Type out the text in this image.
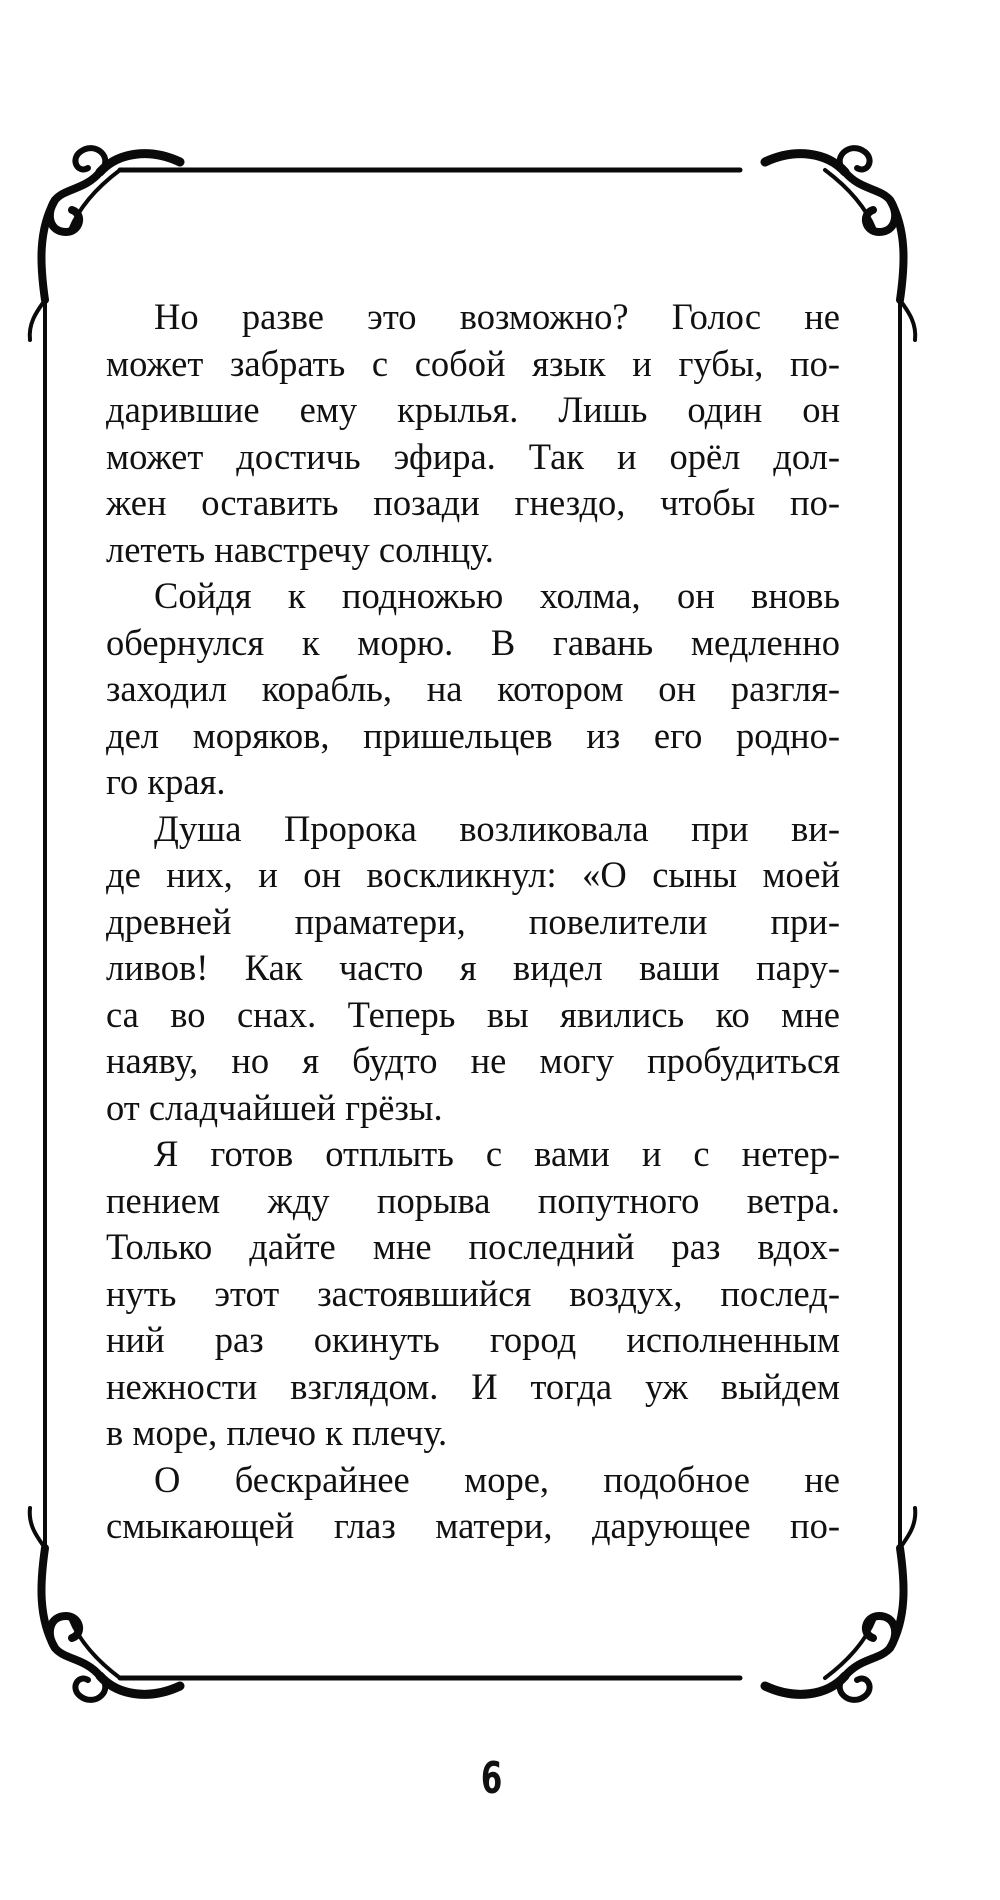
Но разве это возможно? Голос не
может забрать с собой язык и губы, по-
дарившие ему крылья. Лишь один он
может достичь эфира. Так и орёл дол-
жен оставить позади гнездо, чтобы по-
лететь навстречу солнцу.

Сойдя к подножью холма, он вновь
обернулся к морю. В гавань медленно
заходил корабль, на котором он разгля-
дел моряков, пришельцев из его родно-
го края.

Душа Пророка возликовала при ви-
де них, и он воскликнул: «О сыны моей
древней праматери, повелители при-
ливов! Как часто я видел ваши пару-
са во снах. Теперь вы явились ко мне
наяву, но я будто не могу пробудиться
от сладчайшей грёзы.

Я готов отплыть с вами и с нетер-
пением жду порыва попутного ветра.
Только дайте мне последний раз вдох-
нуть этот застоявшийся воздух, послед-
ний раз окинуть город исполненным
нежности взглядом. И тогда уж выйдем
в море, плечо к плечу.

О бескрайнее море, подобное не
смыкающей глаз матери, дарующее по-

6
